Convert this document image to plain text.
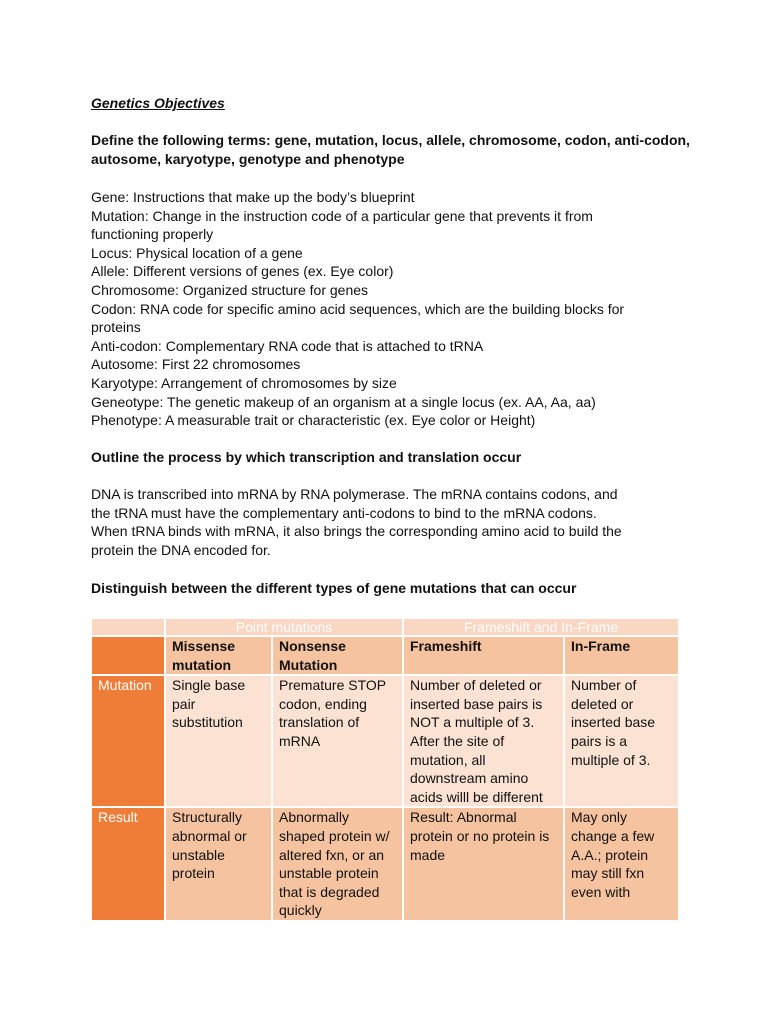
Genetics Objectives
Define the following terms: gene, mutation, locus, allele, chromosome, codon, anti-codon, autosome, karyotype, genotype and phenotype
Gene: Instructions that make up the body’s blueprint
Mutation: Change in the instruction code of a particular gene that prevents it from
functioning properly
Locus: Physical location of a gene
Allele: Different versions of genes (ex. Eye color)
Chromosome: Organized structure for genes
Codon: RNA code for specific amino acid sequences, which are the building blocks for
proteins
Anti-codon: Complementary RNA code that is attached to tRNA
Autosome: First 22 chromosomes
Karyotype: Arrangement of chromosomes by size
Geneotype: The genetic makeup of an organism at a single locus (ex. AA, Aa, aa)
Phenotype: A measurable trait or characteristic (ex. Eye color or Height)
Outline the process by which transcription and translation occur
DNA is transcribed into mRNA by RNA polymerase. The mRNA contains codons, and
the tRNA must have the complementary anti-codons to bind to the mRNA codons.
When tRNA binds with mRNA, it also brings the corresponding amino acid to build the
protein the DNA encoded for.
Distinguish between the different types of gene mutations that can occur
	Point mutations		Frameshift and In-Frame	
	Missense mutation	Nonsense Mutation	Frameshift	In-Frame
Mutation	Single base pair substitution	Premature STOP codon, ending translation of mRNA	Number of deleted or inserted base pairs is NOT a multiple of 3. After the site of mutation, all downstream amino acids willl be different	Number of deleted or inserted base pairs is a multiple of 3.
Result	Structurally abnormal or unstable protein	Abnormally shaped protein w/ altered fxn, or an unstable protein that is degraded quickly	Result: Abnormal protein or no protein is made	May only change a few A.A.; protein may still fxn even with
